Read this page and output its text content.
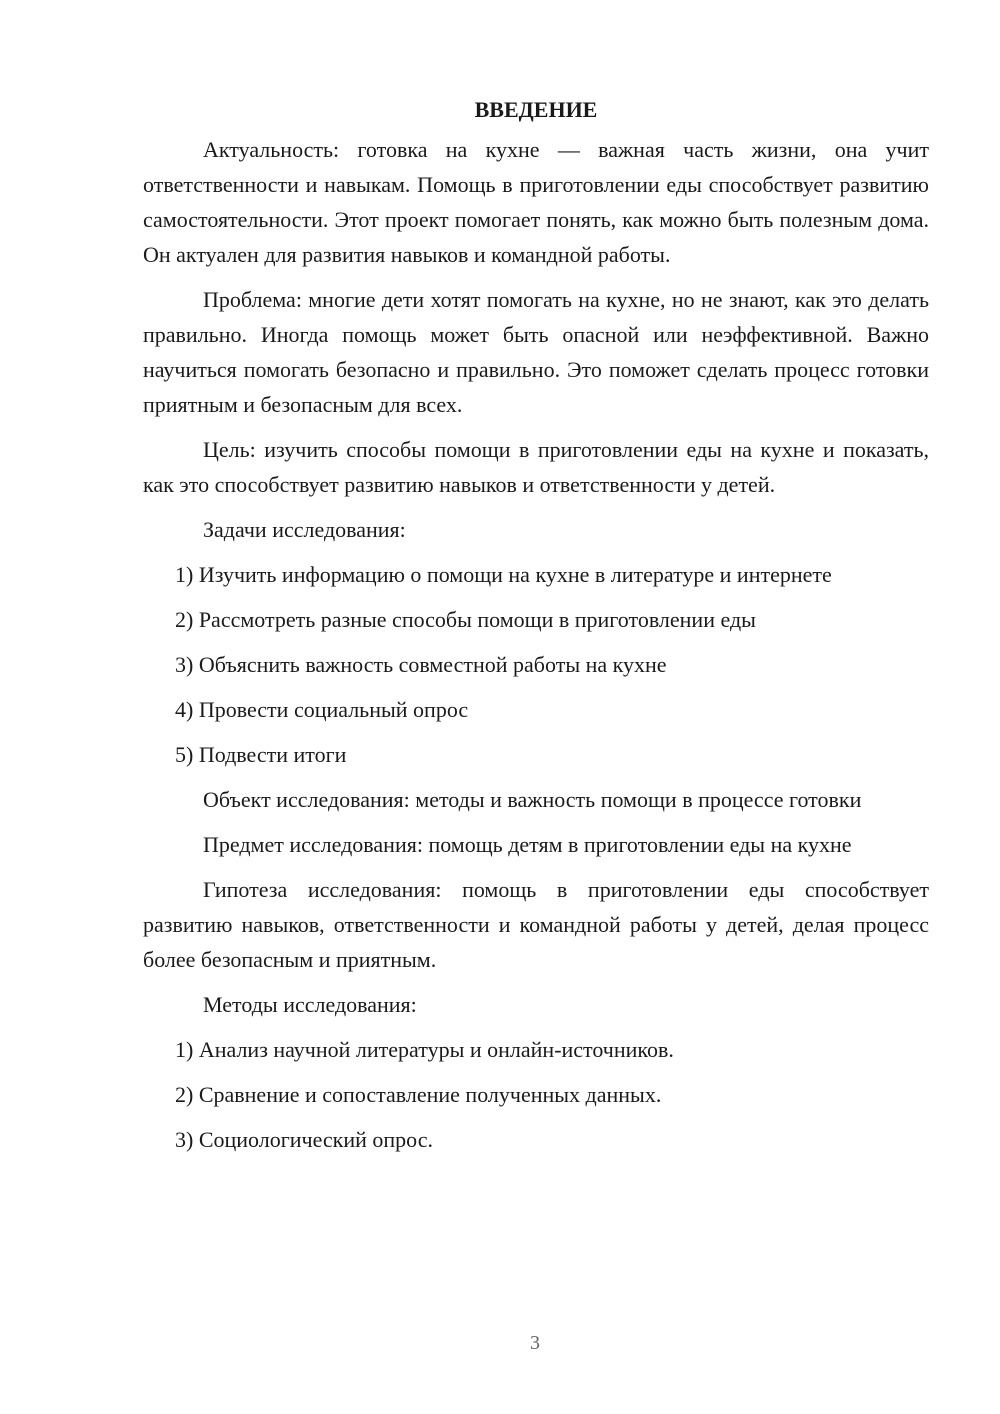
ВВЕДЕНИЕ

Актуальность: готовка на кухне — важная часть жизни, она учит ответственности и навыкам. Помощь в приготовлении еды способствует развитию самостоятельности. Этот проект помогает понять, как можно быть полезным дома. Он актуален для развития навыков и командной работы.

Проблема: многие дети хотят помогать на кухне, но не знают, как это делать правильно. Иногда помощь может быть опасной или неэффективной. Важно научиться помогать безопасно и правильно. Это поможет сделать процесс готовки приятным и безопасным для всех.

Цель: изучить способы помощи в приготовлении еды на кухне и показать, как это способствует развитию навыков и ответственности у детей.

Задачи исследования:

1) Изучить информацию о помощи на кухне в литературе и интернете
2) Рассмотреть разные способы помощи в приготовлении еды
3) Объяснить важность совместной работы на кухне
4) Провести социальный опрос
5) Подвести итоги

Объект исследования: методы и важность помощи в процессе готовки

Предмет исследования: помощь детям в приготовлении еды на кухне

Гипотеза исследования: помощь в приготовлении еды способствует развитию навыков, ответственности и командной работы у детей, делая процесс более безопасным и приятным.

Методы исследования:

1) Анализ научной литературы и онлайн-источников.
2) Сравнение и сопоставление полученных данных.
3) Социологический опрос.
3
